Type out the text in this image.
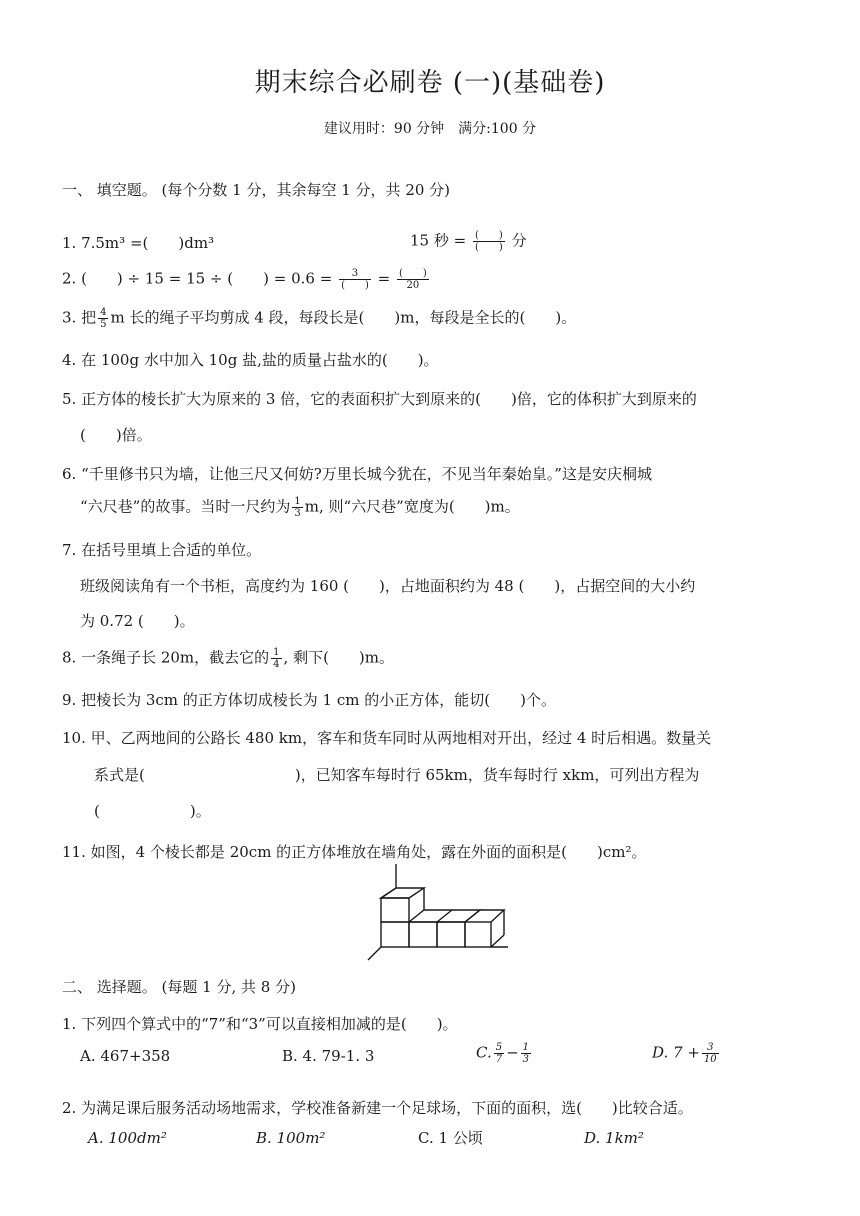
期末综合必刷卷 (一)(基础卷)
建议用时：90 分钟　满分:100 分
一、 填空题。 (每个分数 1 分，其余每空 1 分，共 20 分)
1. 7.5m³ =(　　)dm³	15 秒 = $\frac{( )}{( )}$ 分
2. (　　) ÷ 15 = 15 ÷ (　　) = $0.6 = \frac{3}{( )} = \frac{( )}{20}$
3. 把 $\frac{4}{5}$ m 长的绳子平均剪成 4 段，每段长是(　　)m，每段是全长的(　　)。
4. 在 100g 水中加入 10g 盐,盐的质量占盐水的(　　)。
5. 正方体的棱长扩大为原来的 3 倍，它的表面积扩大到原来的(　　)倍，它的体积扩大到原来的
(　　)倍。
6. “千里修书只为墙，让他三尺又何妨?万里长城今犹在，不见当年秦始皇。”这是安庆桐城
“六尺巷”的故事。当时一尺约为 $\frac{1}{3} m$, 则“六尺巷”宽度为(　　)m。
7. 在括号里填上合适的单位。
班级阅读角有一个书柜，高度约为 160 (　　)，占地面积约为 48 (　　)，占据空间的大小约
为 0.72 (　　)。
8. 一条绳子长 20m，截去它的 $\frac{1}{4}$ , 剩下(　　)m。
9. 把棱长为 3cm 的正方体切成棱长为 1 cm 的小正方体，能切(　　)个。
10. 甲、乙两地间的公路长 480 km，客车和货车同时从两地相对开出，经过 4 时后相遇。数量关
系式是(　　　　　　　　　　)，已知客车每时行 65km，货车每时行 xkm，可列出方程为
(　　　　　　)。
11. 如图，4 个棱长都是 20cm 的正方体堆放在墙角处，露在外面的面积是(　　)cm²。
二、 选择题。 (每题 1 分, 共 8 分)
1. 下列四个算式中的“7”和“3”可以直接相加减的是(　　)。
A. 467+358	B. 4. 79-1. 3	C. $\frac{5}{7} - \frac{1}{3}$	D. $7 + \frac{3}{10}$
2. 为满足课后服务活动场地需求，学校准备新建一个足球场，下面的面积，选(　　)比较合适。
A. 100dm²	B. 100m²	C. 1 公顷	D. 1km²
